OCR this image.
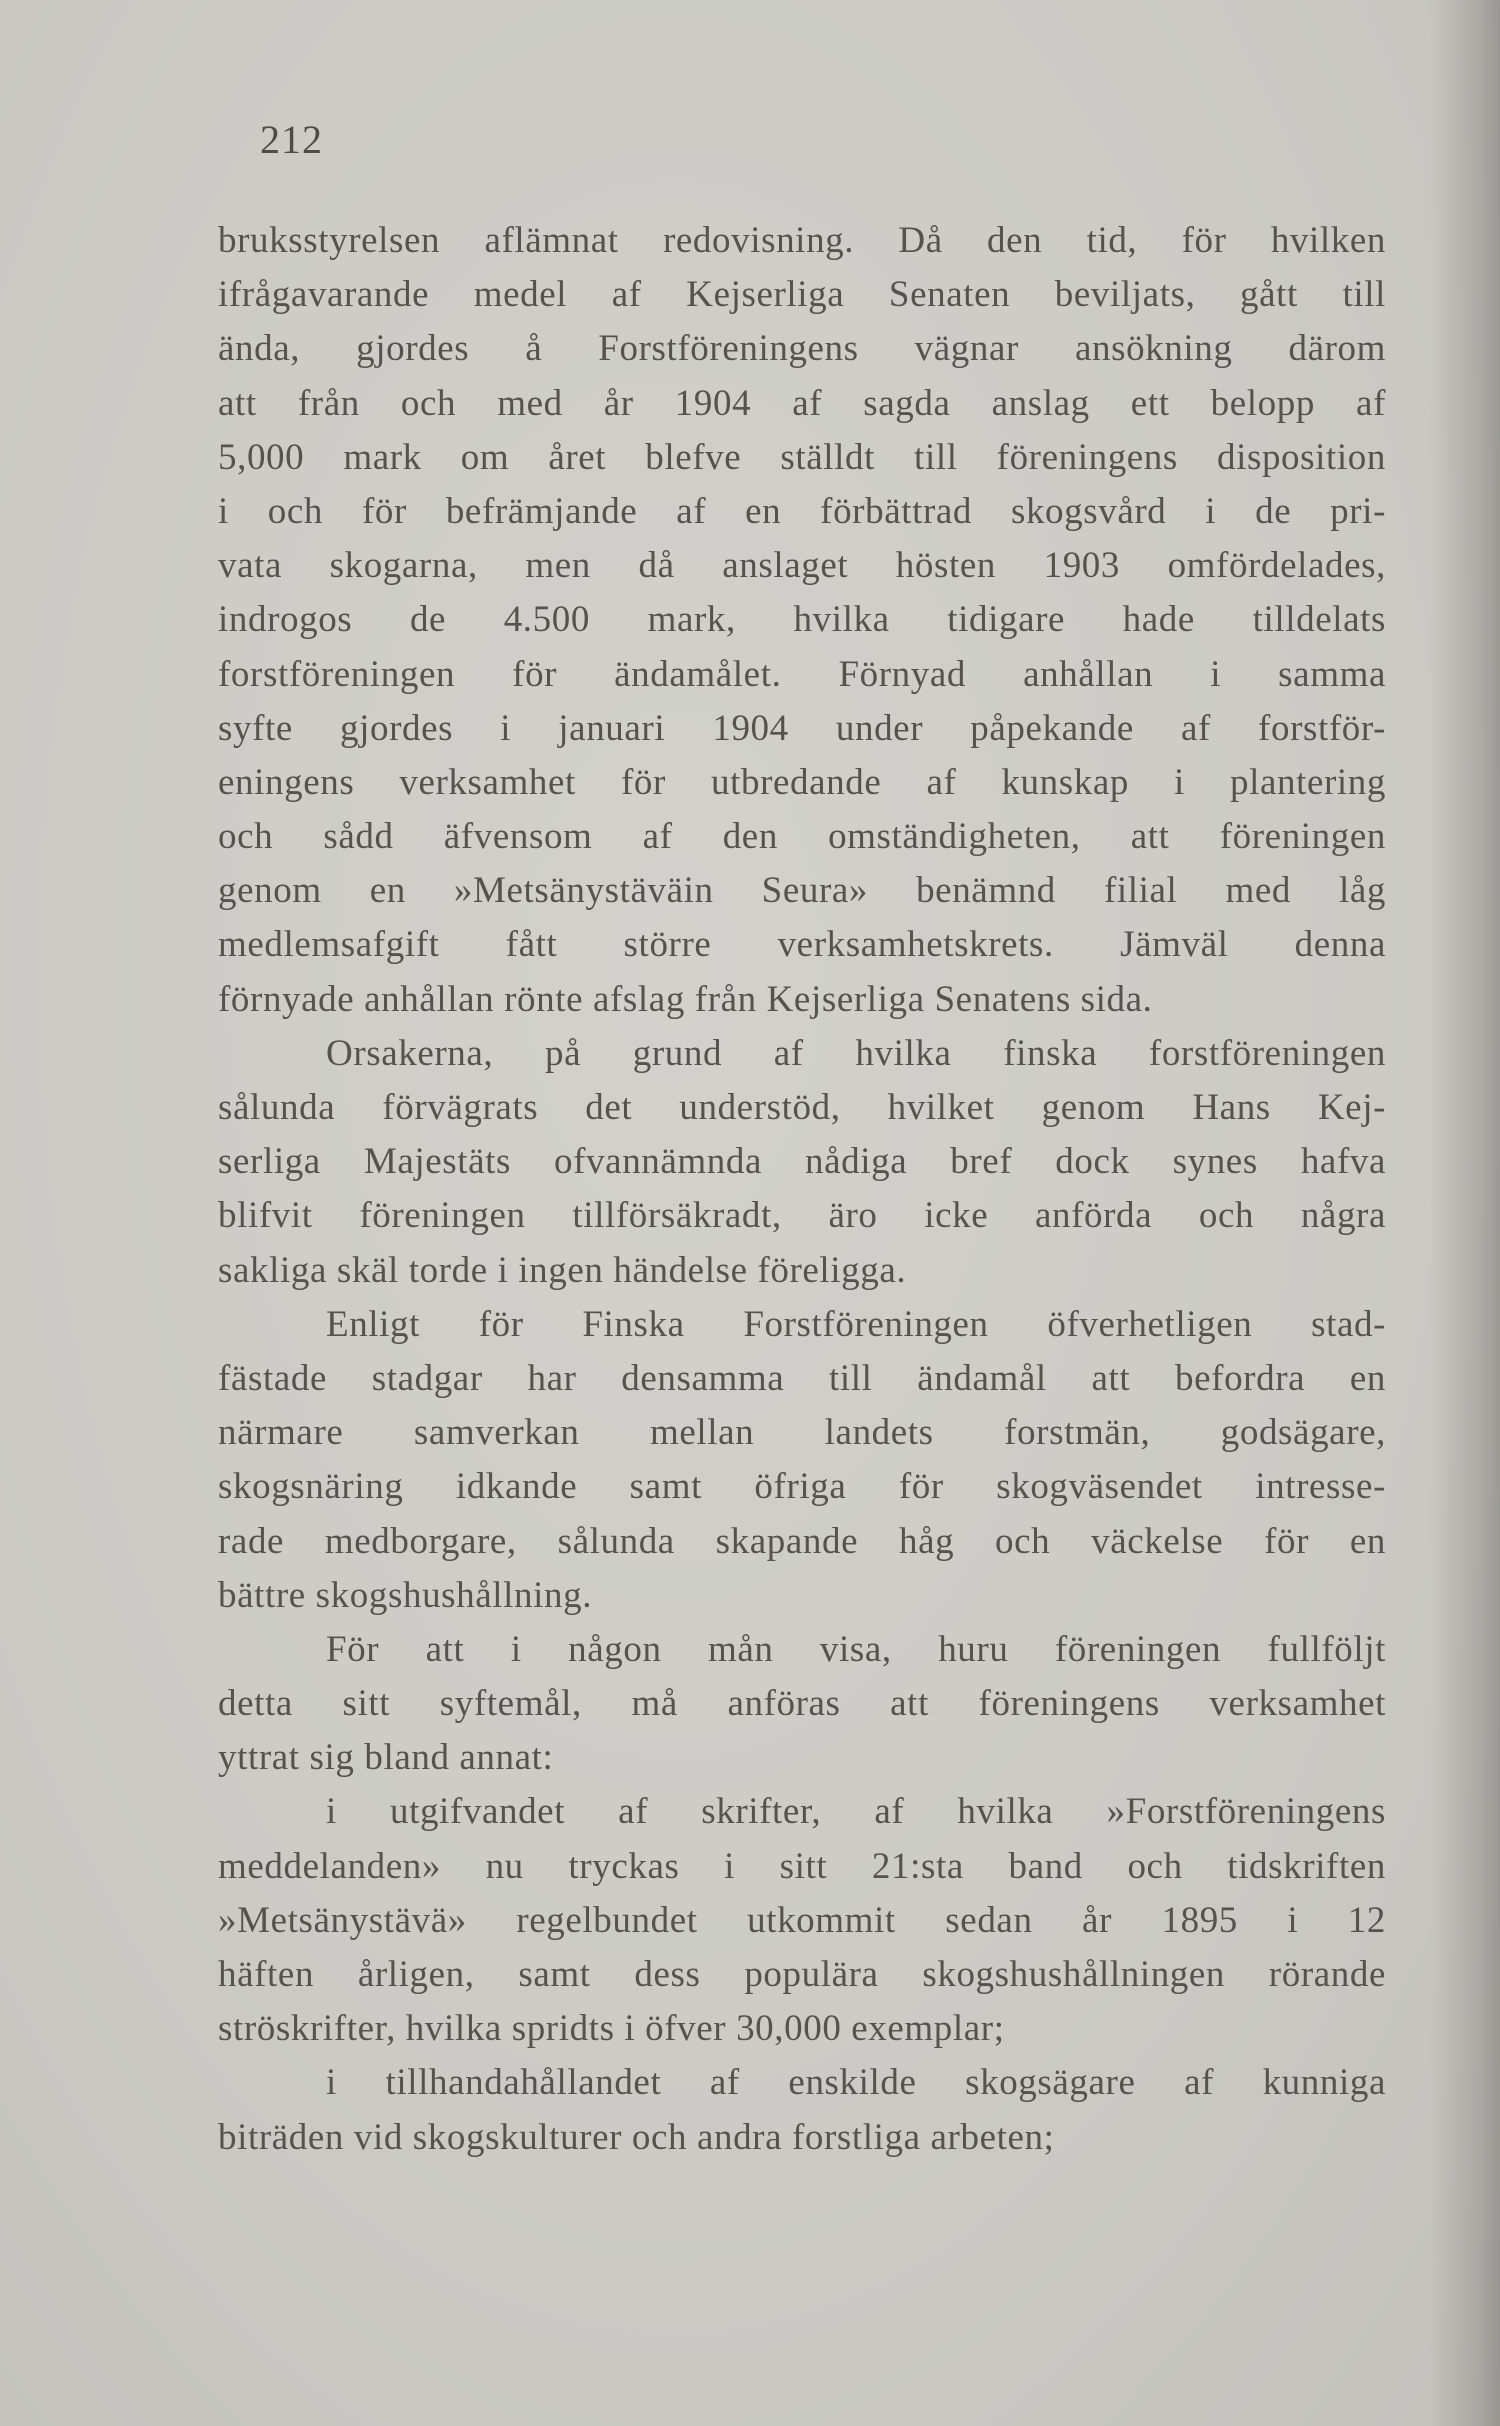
212
bruksstyrelsen aflämnat redovisning. Då den tid, för hvilken
ifrågavarande medel af Kejserliga Senaten beviljats, gått till
ända, gjordes å Forstföreningens vägnar ansökning därom
att från och med år 1904 af sagda anslag ett belopp af
5,000 mark om året blefve ställdt till föreningens disposition
i och för befrämjande af en förbättrad skogsvård i de pri-
vata skogarna, men då anslaget hösten 1903 omfördelades,
indrogos de 4.500 mark, hvilka tidigare hade tilldelats
forstföreningen för ändamålet. Förnyad anhållan i samma
syfte gjordes i januari 1904 under påpekande af forstför-
eningens verksamhet för utbredande af kunskap i plantering
och sådd äfvensom af den omständigheten, att föreningen
genom en »Metsänystäväin Seura» benämnd filial med låg
medlemsafgift fått större verksamhetskrets. Jämväl denna
förnyade anhållan rönte afslag från Kejserliga Senatens sida.
Orsakerna, på grund af hvilka finska forstföreningen
sålunda förvägrats det understöd, hvilket genom Hans Kej-
serliga Majestäts ofvannämnda nådiga bref dock synes hafva
blifvit föreningen tillförsäkradt, äro icke anförda och några
sakliga skäl torde i ingen händelse föreligga.
Enligt för Finska Forstföreningen öfverhetligen stad-
fästade stadgar har densamma till ändamål att befordra en
närmare samverkan mellan landets forstmän, godsägare,
skogsnäring idkande samt öfriga för skogväsendet intresse-
rade medborgare, sålunda skapande håg och väckelse för en
bättre skogshushållning.
För att i någon mån visa, huru föreningen fullföljt
detta sitt syftemål, må anföras att föreningens verksamhet
yttrat sig bland annat:
i utgifvandet af skrifter, af hvilka »Forstföreningens
meddelanden» nu tryckas i sitt 21:sta band och tidskriften
»Metsänystävä» regelbundet utkommit sedan år 1895 i 12
häften årligen, samt dess populära skogshushållningen rörande
ströskrifter, hvilka spridts i öfver 30,000 exemplar;
i tillhandahållandet af enskilde skogsägare af kunniga
biträden vid skogskulturer och andra forstliga arbeten;
